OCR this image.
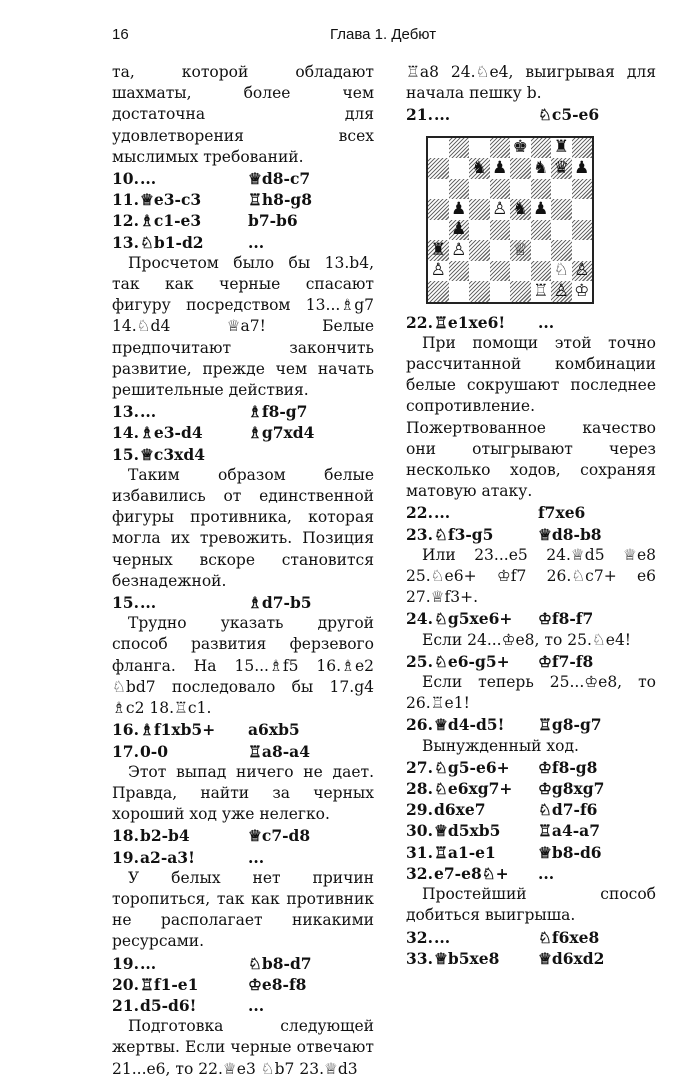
16	Глава 1. Дебют

та, которой обладают шахматы, более чем достаточна для удовлетворения всех мыслимых требований.

10. ...	♕d8-c7
11. ♕e3-c3	♖h8-g8
12. ♗c1-e3	b7-b6
13. ♘b1-d2	...

Просчетом было бы 13.b4, так как черные спасают фигуру посредством 13...♗g7 14.♘d4 ♕a7! Белые предпочитают закончить развитие, прежде чем начать решительные действия.

13. ...	♗f8-g7
14. ♗e3-d4	♗g7xd4
15. ♕c3xd4

Таким образом белые избавились от единственной фигуры противника, которая могла их тревожить. Позиция черных вскоре становится безнадежной.

15. ...	♗d7-b5

Трудно указать другой способ развития ферзевого фланга. На 15...♗f5 16.♗e2 ♘bd7 последовало бы 17.g4 ♗c2 18.♖c1.

16. ♗f1xb5+	a6xb5
17. 0-0	♖a8-a4

Этот выпад ничего не дает. Правда, найти за черных хороший ход уже нелегко.

18. b2-b4	♕c7-d8
19. a2-a3!	...

У белых нет причин торопиться, так как противник не располагает никакими ресурсами.

19. ...	♘b8-d7
20. ♖f1-e1	♔e8-f8
21. d5-d6!	...

Подготовка следующей жертвы. Если черные отвечают 21...e6, то 22.♕e3 ♘b7 23.♕d3

♖a8 24.♘e4, выигрывая для начала пешку b.

21. ...	♘c5-e6
♚ ♜
♞ ♟ ♞ ♛ ♟
♟ ♙ ♞ ♟
♟
♜ ♙	♕
♙	♘ ♙
♖ ♙ ♔
22. ♖e1xe6!	...

При помощи этой точно рассчитанной комбинации белые сокрушают последнее сопротивление. Пожертвованное качество они отыгрывают через несколько ходов, сохраняя матовую атаку.

22. ...	f7xe6
23. ♘f3-g5	♕d8-b8

Или 23...e5 24.♕d5 ♕e8 25.♘e6+ ♔f7 26.♘c7+ e6 27.♕f3+.

24. ♘g5xe6+	♔f8-f7

Если 24...♔e8, то 25.♘e4!

25. ♘e6-g5+	♔f7-f8

Если теперь 25...♔e8, то 26.♖e1!

26. ♕d4-d5!	♖g8-g7

Вынужденный ход.

27. ♘g5-e6+	♔f8-g8
28. ♘e6xg7+	♔g8xg7
29. d6xe7	♘d7-f6
30. ♕d5xb5	♖a4-a7
31. ♖a1-e1	♕b8-d6
32. e7-e8♘+	...

Простейший способ добиться выигрыша.

32. ...	♘f6xe8
33. ♕b5xe8	♕d6xd2
